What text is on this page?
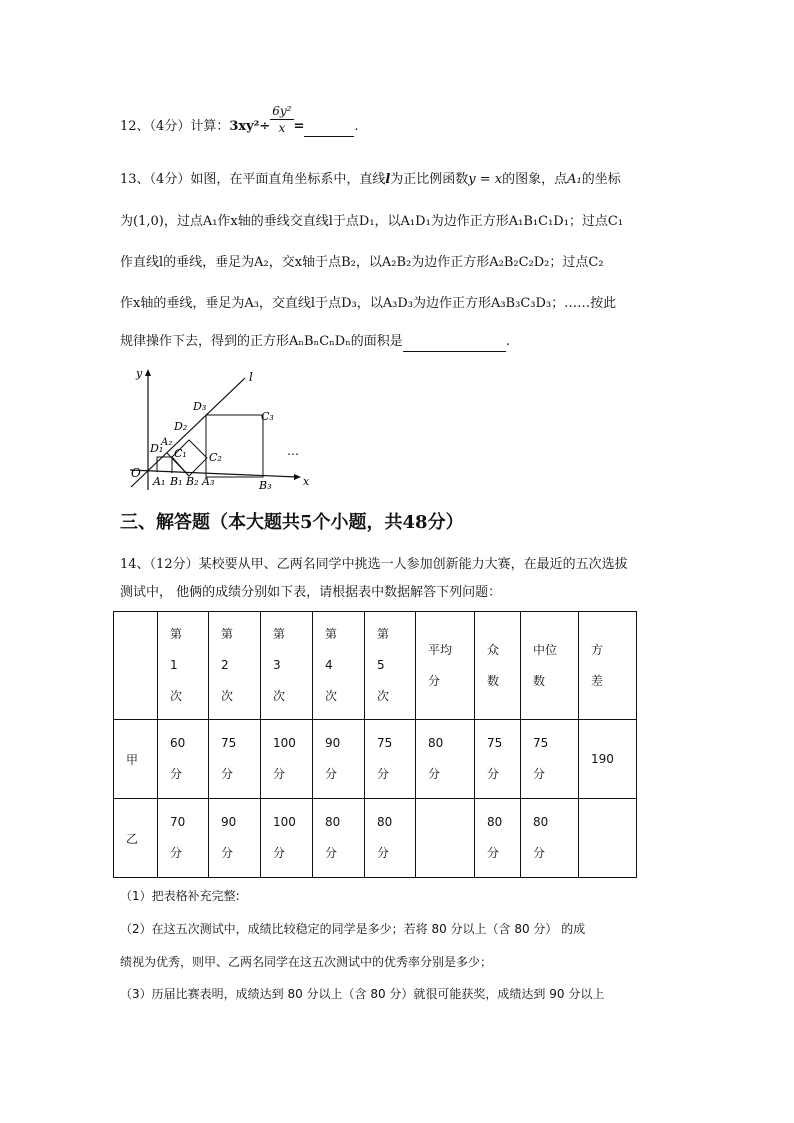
12、（4分）计算：$3xy^2\div \frac{\text{6y²}}{x}$ =	.
13、（4分）如图，在平面直角坐标系中，直线l为正比例函数y = x的图象，点A₁的坐标
为(1,0)，过点A₁作x轴的垂线交直线l于点D₁，以A₁D₁为边作正方形A₁B₁C₁D₁；过点C₁
作直线l的垂线，垂足为A₂，交x轴于点B₂，以A₂B₂为边作正方形A₂B₂C₂D₂；过点C₂
作x轴的垂线，垂足为A₃，交直线l于点D₃，以A₃D₃为边作正方形A₃B₃C₃D₃；……按此
规律操作下去，得到的正方形AₙBₙCₙDₙ的面积是	.
y
O
l
D₁
A₂
C₁
D₂
C₂
D₃
C₃
…
A₁ B₁ B₂ A₃	B₃	x
三、解答题（本大题共5个小题，共48分）
14、（12分）某校要从甲、乙两名同学中挑选一人参加创新能力大赛，在最近的五次选拔
测试中， 他俩的成绩分别如下表，请根据表中数据解答下列问题：

	第
1
次	第
2
次	第
3
次	第
4
次	第
5
次	平均
分	众
数	中位
数	方
差

甲	60
分	75
分	100
分	90
分	75
分	80
分	75
分	75
分	190
乙	70
分	90
分	100
分	80
分	80
分		80
分	80
分	

（1）把表格补充完整:
（2）在这五次测试中，成绩比较稳定的同学是多少；若将 80 分以上（含 80 分） 的成
绩视为优秀，则甲、乙两名同学在这五次测试中的优秀率分别是多少；
（3）历届比赛表明，成绩达到 80 分以上（含 80 分）就很可能获奖，成绩达到 90 分以上
